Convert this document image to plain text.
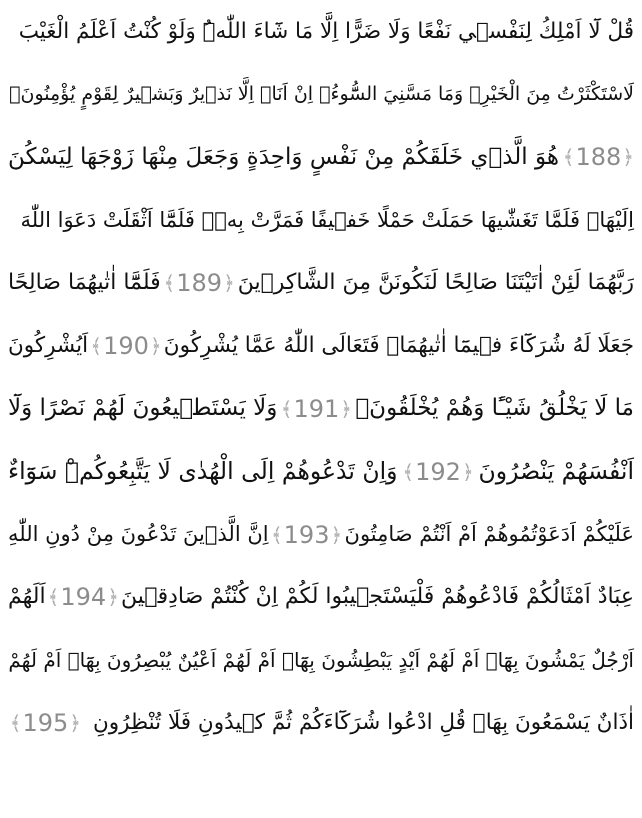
قُلْ لَٓا اَمْلِكُ لِنَفْسٖي نَفْعًا وَلَا ضَرًّا اِلَّا مَا شَٓاءَ اللّٰهُۜ وَلَوْ كُنْتُ اَعْلَمُ الْغَيْبَ
لَاسْتَكْثَرْتُ مِنَ الْخَيْرِۚ وَمَا مَسَّنِيَ السُّٓوءُۚ اِنْ اَنَا۬ اِلَّا نَذٖيرٌ وَبَشٖيرٌ لِقَوْمٍ يُؤْمِنُونَ۟
﴾ 188 ﴿
هُوَ الَّذٖي خَلَقَكُمْ مِنْ نَفْسٍ وَاحِدَةٍ وَجَعَلَ مِنْهَا زَوْجَهَا لِيَسْكُنَ
اِلَيْهَاۚ فَلَمَّا تَغَشّٰيهَا حَمَلَتْ حَمْلًا خَفٖيفًا فَمَرَّتْ بِهٖۚ فَلَمَّٓا اَثْقَلَتْ دَعَوَا اللّٰهَ
رَبَّهُمَا لَئِنْ اٰتَيْتَنَا صَالِحًا لَنَكُونَنَّ مِنَ الشَّاكِرٖينَ
﴾ 189 ﴿
فَلَمَّٓا اٰتٰيهُمَا صَالِحًا
جَعَلَا لَهُ شُرَكَٓاءَ فٖيمَٓا اٰتٰيهُمَاۚ فَتَعَالَى اللّٰهُ عَمَّا يُشْرِكُونَ
﴾ 190 ﴿
اَيُشْرِكُونَ
مَا لَا يَخْلُقُ شَيْـًٔا وَهُمْ يُخْلَقُونَۘ
﴾ 191 ﴿
وَلَا يَسْتَطٖيعُونَ لَهُمْ نَصْرًا وَلَٓا
اَنْفُسَهُمْ يَنْصُرُونَ
﴾ 192 ﴿
وَاِنْ تَدْعُوهُمْ اِلَى الْهُدٰى لَا يَتَّبِعُوكُمْۜ سَوَٓاءٌ
عَلَيْكُمْ اَدَعَوْتُمُوهُمْ اَمْ اَنْتُمْ صَامِتُونَ
﴾ 193 ﴿
اِنَّ الَّذٖينَ تَدْعُونَ مِنْ دُونِ اللّٰهِ
عِبَادٌ اَمْثَالُكُمْ فَادْعُوهُمْ فَلْيَسْتَجٖيبُوا لَكُمْ اِنْ كُنْتُمْ صَادِقٖينَ
﴾ 194 ﴿
اَلَهُمْ
اَرْجُلٌ يَمْشُونَ بِهَٓاۘ اَمْ لَهُمْ اَيْدٍ يَبْطِشُونَ بِهَٓاۘ اَمْ لَهُمْ اَعْيُنٌ يُبْصِرُونَ بِهَٓاۘ اَمْ لَهُمْ
اٰذَانٌ يَسْمَعُونَ بِهَاۜ قُلِ ادْعُوا شُرَكَٓاءَكُمْ ثُمَّ كٖيدُونِ فَلَا تُنْظِرُونِ
﴾ 195 ﴿
